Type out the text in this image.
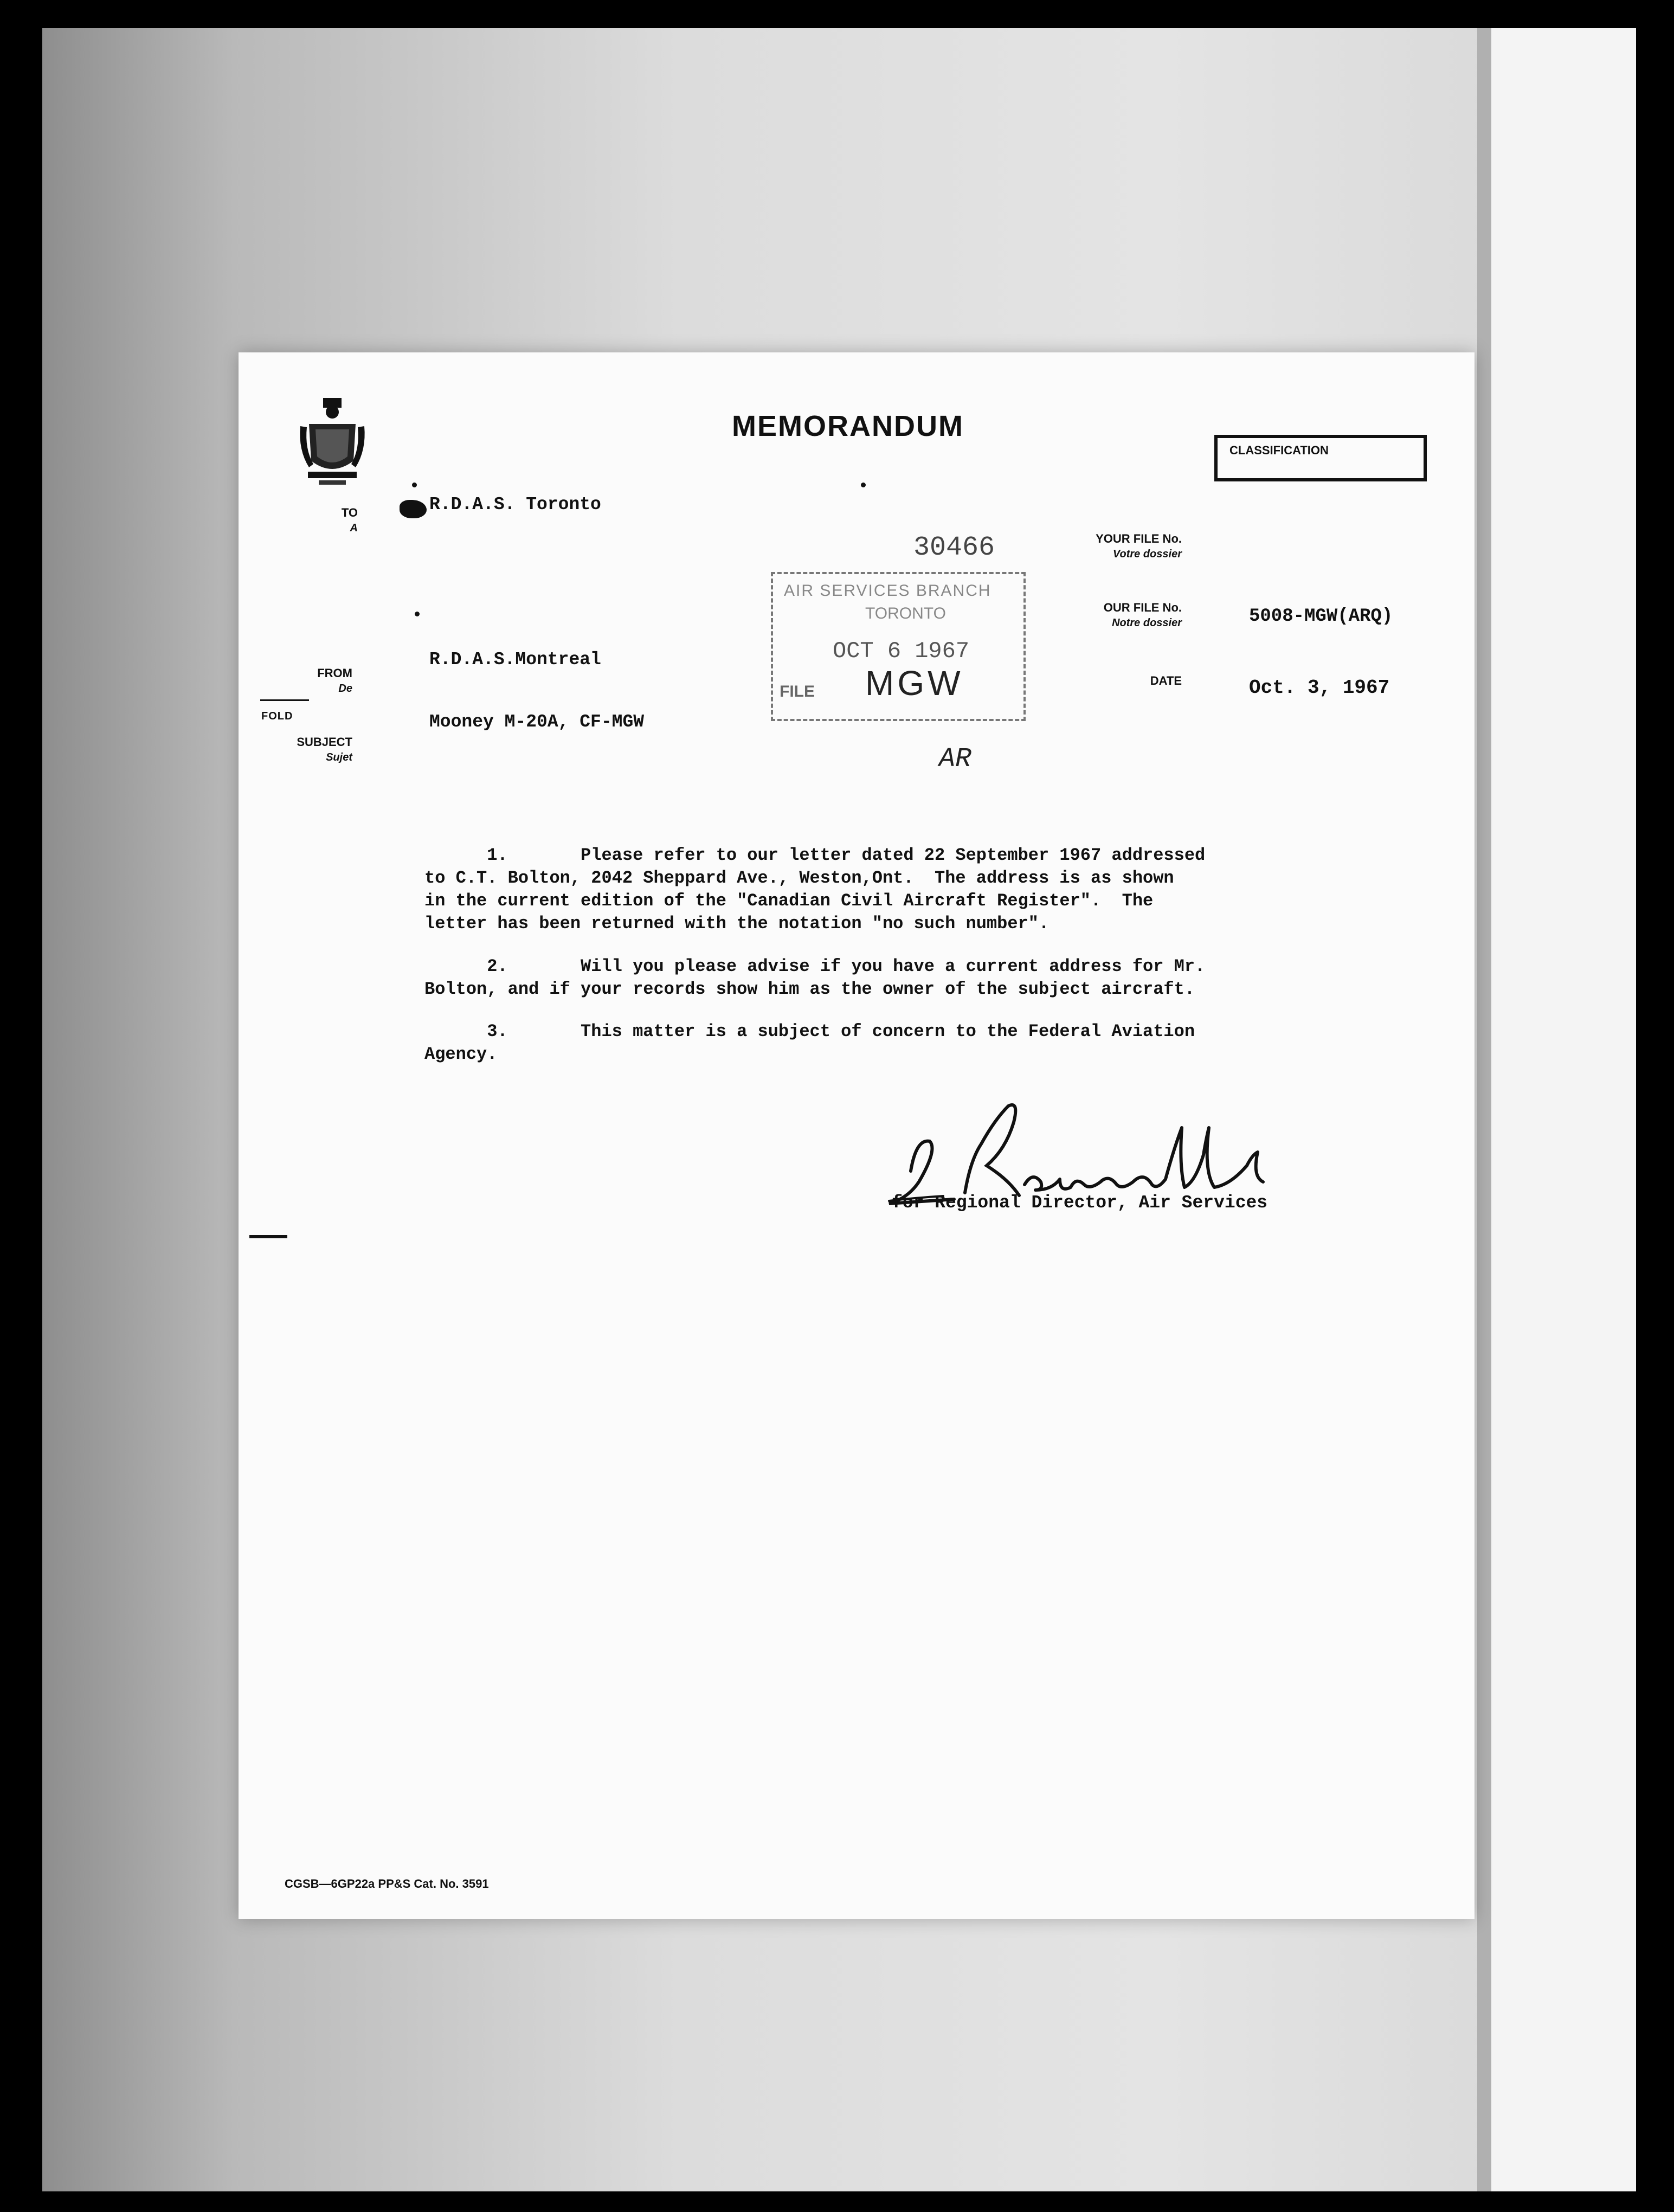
MEMORANDUM
CLASSIFICATION
TO
A
FROM
De
SUBJECT
Sujet
FOLD
YOUR FILE No.
Votre dossier
OUR FILE No.
Notre dossier
DATE
R.D.A.S. Toronto
R.D.A.S.Montreal
Mooney M-20A, CF-MGW
30466
5008-MGW(ARQ)
Oct. 3, 1967
AIR SERVICES BRANCH
TORONTO
OCT 6 1967
FILE MGW
AR

1.       Please refer to our letter dated 22 September 1967 addressed
to C.T. Bolton, 2042 Sheppard Ave., Weston,Ont.  The address is as shown
in the current edition of the "Canadian Civil Aircraft Register".  The
letter has been returned with the notation "no such number".

2.       Will you please advise if you have a current address for Mr.
Bolton, and if your records show him as the owner of the subject aircraft.

3.       This matter is a subject of concern to the Federal Aviation
Agency.

for Regional Director, Air Services
CGSB—6GP22a PP&S Cat. No. 3591
